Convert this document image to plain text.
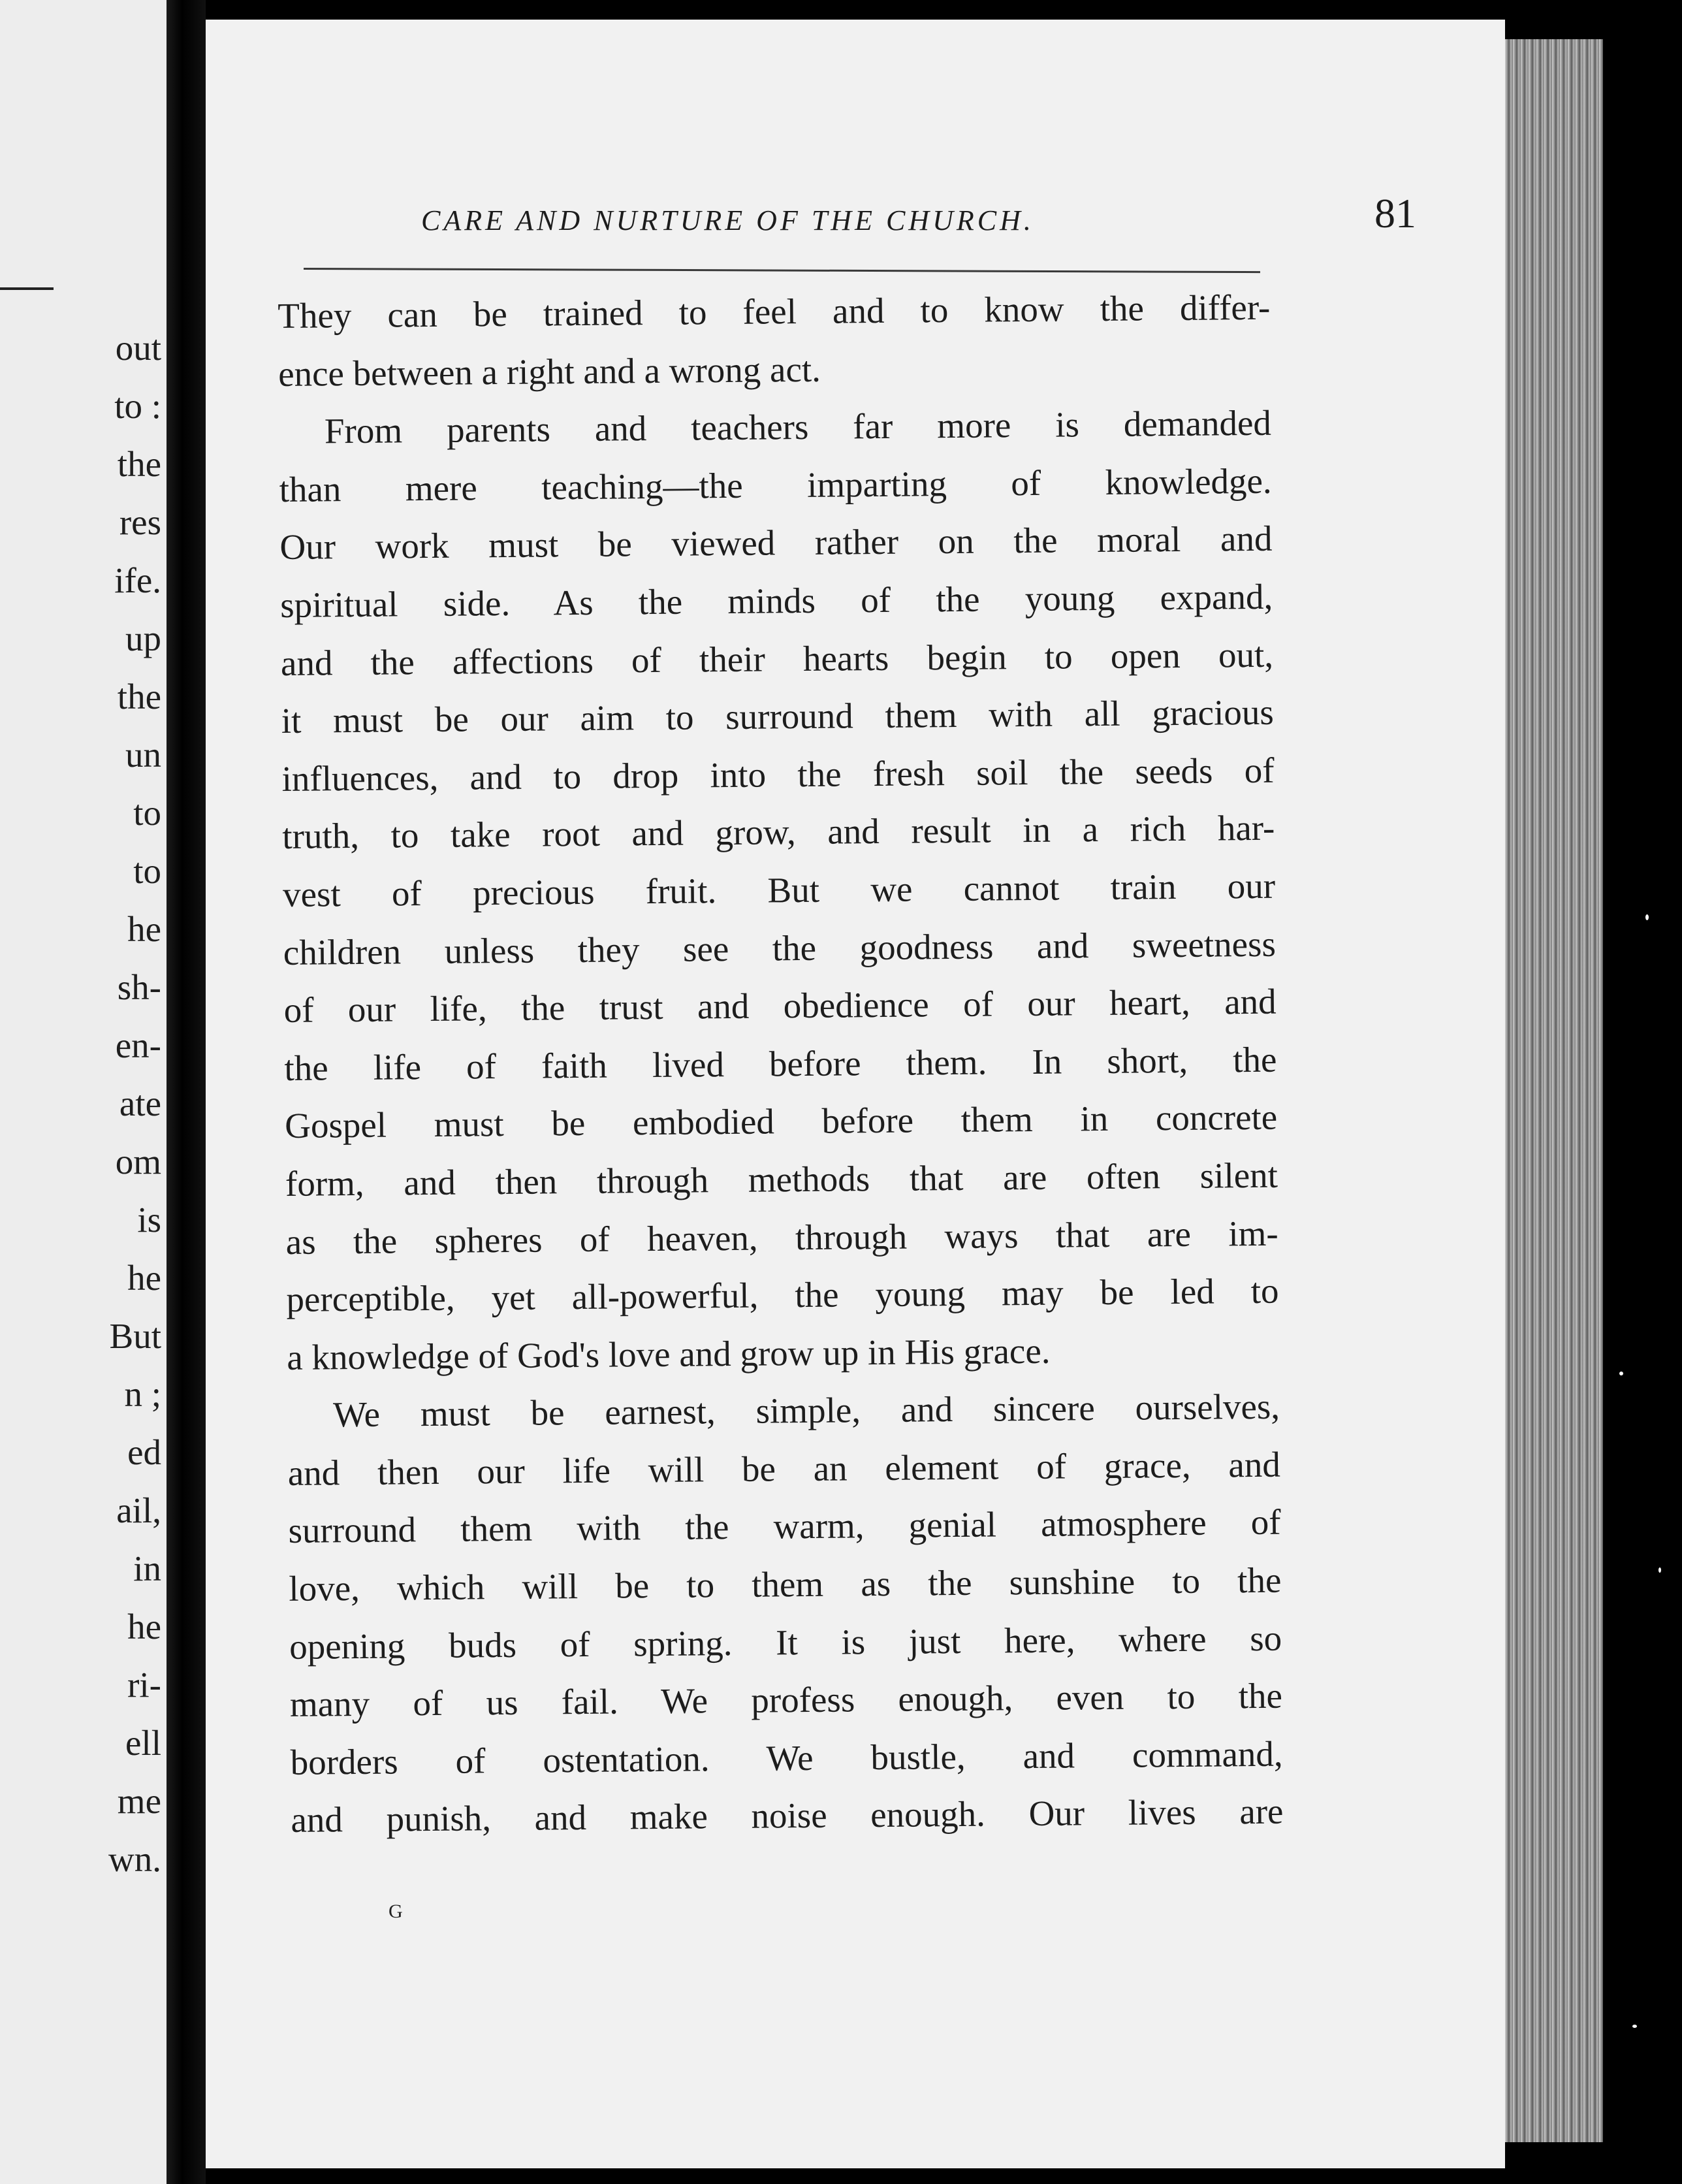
out
to :
the
res
ife.
up
the
un
to
to
he
sh-
en-
ate
om
is
he
But
n ;
ed
ail,
in
he
ri-
ell
me
wn.
CARE AND NURTURE OF THE CHURCH.	81
They can be trained to feel and to know the differ-
ence between a right and a wrong act.
From parents and teachers far more is demanded
than mere teaching—the imparting of knowledge.
Our work must be viewed rather on the moral and
spiritual side. As the minds of the young expand,
and the affections of their hearts begin to open out,
it must be our aim to surround them with all gracious
influences, and to drop into the fresh soil the seeds of
truth, to take root and grow, and result in a rich har-
vest of precious fruit. But we cannot train our
children unless they see the goodness and sweetness
of our life, the trust and obedience of our heart, and
the life of faith lived before them. In short, the
Gospel must be embodied before them in concrete
form, and then through methods that are often silent
as the spheres of heaven, through ways that are im-
perceptible, yet all-powerful, the young may be led to
a knowledge of God's love and grow up in His grace.
We must be earnest, simple, and sincere ourselves,
and then our life will be an element of grace, and
surround them with the warm, genial atmosphere of
love, which will be to them as the sunshine to the
opening buds of spring. It is just here, where so
many of us fail. We profess enough, even to the
borders of ostentation. We bustle, and command,
and punish, and make noise enough. Our lives are
G
